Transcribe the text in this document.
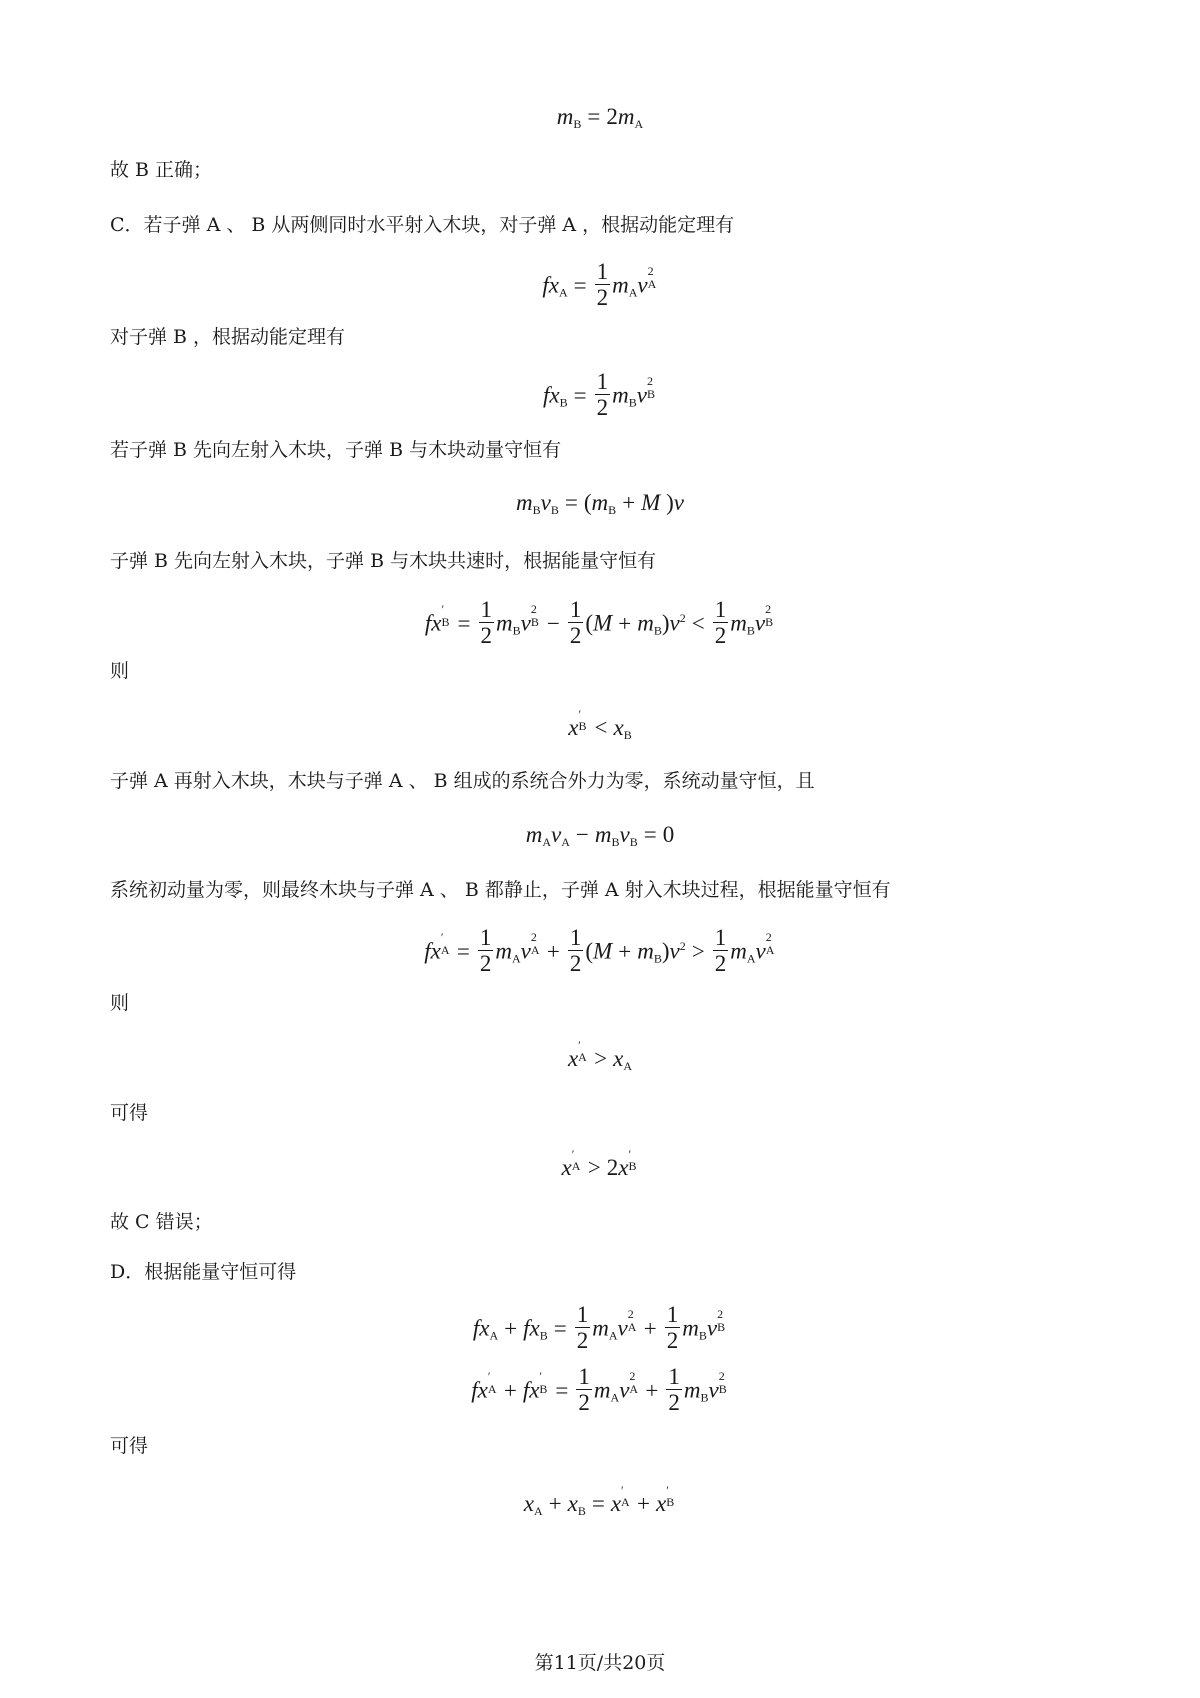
$m_B = 2m_A$
故 B 正确；
C．若子弹 A 、 B 从两侧同时水平射入木块，对子弹 A ，根据动能定理有
$fx_A = \frac{1}{2} m_Av$
2
A
对子弹 B ，根据动能定理有
$fx_B = \frac{1}{2} m_Bv$
2
B
若子弹 B 先向左射入木块，子弹 B 与木块动量守恒有
$m_Bv_B = (m_B + M$ )v
子弹 B 先向左射入木块，子弹 B 与木块共速时，根据能量守恒有
fx
′
$B = \frac{1}{2} m_Bv$
2
$B - \frac{1}{2} (M + m_B)v^2 < \frac{1}{2} m_Bv$
2
B
则
x
′
$B < x_B$
子弹 A 再射入木块，木块与子弹 A 、 B 组成的系统合外力为零，系统动量守恒，且
$m_Av_A - m_Bv_B = 0$
系统初动量为零，则最终木块与子弹 A 、 B 都静止，子弹 A 射入木块过程，根据能量守恒有
fx
′
$A = \frac{1}{2} m_Av$
2
$A + \frac{1}{2} (M + m_B)v^2 > \frac{1}{2} m_Av$
2
A
则
x
′
$A > x_A$
可得
x
′
A > 2x
′
B
故 C 错误；
D．根据能量守恒可得
$fx_A + fx_B = \frac{1}{2} m_Av$
2
$A + \frac{1}{2} m_Bv$
2
B
fx
′
A + fx
′
$B = \frac{1}{2} m_Av$
2
$A + \frac{1}{2} m_Bv$
2
B
可得
$x_A + x_B = x$
′
A + x
′
B
第11页/共20页
